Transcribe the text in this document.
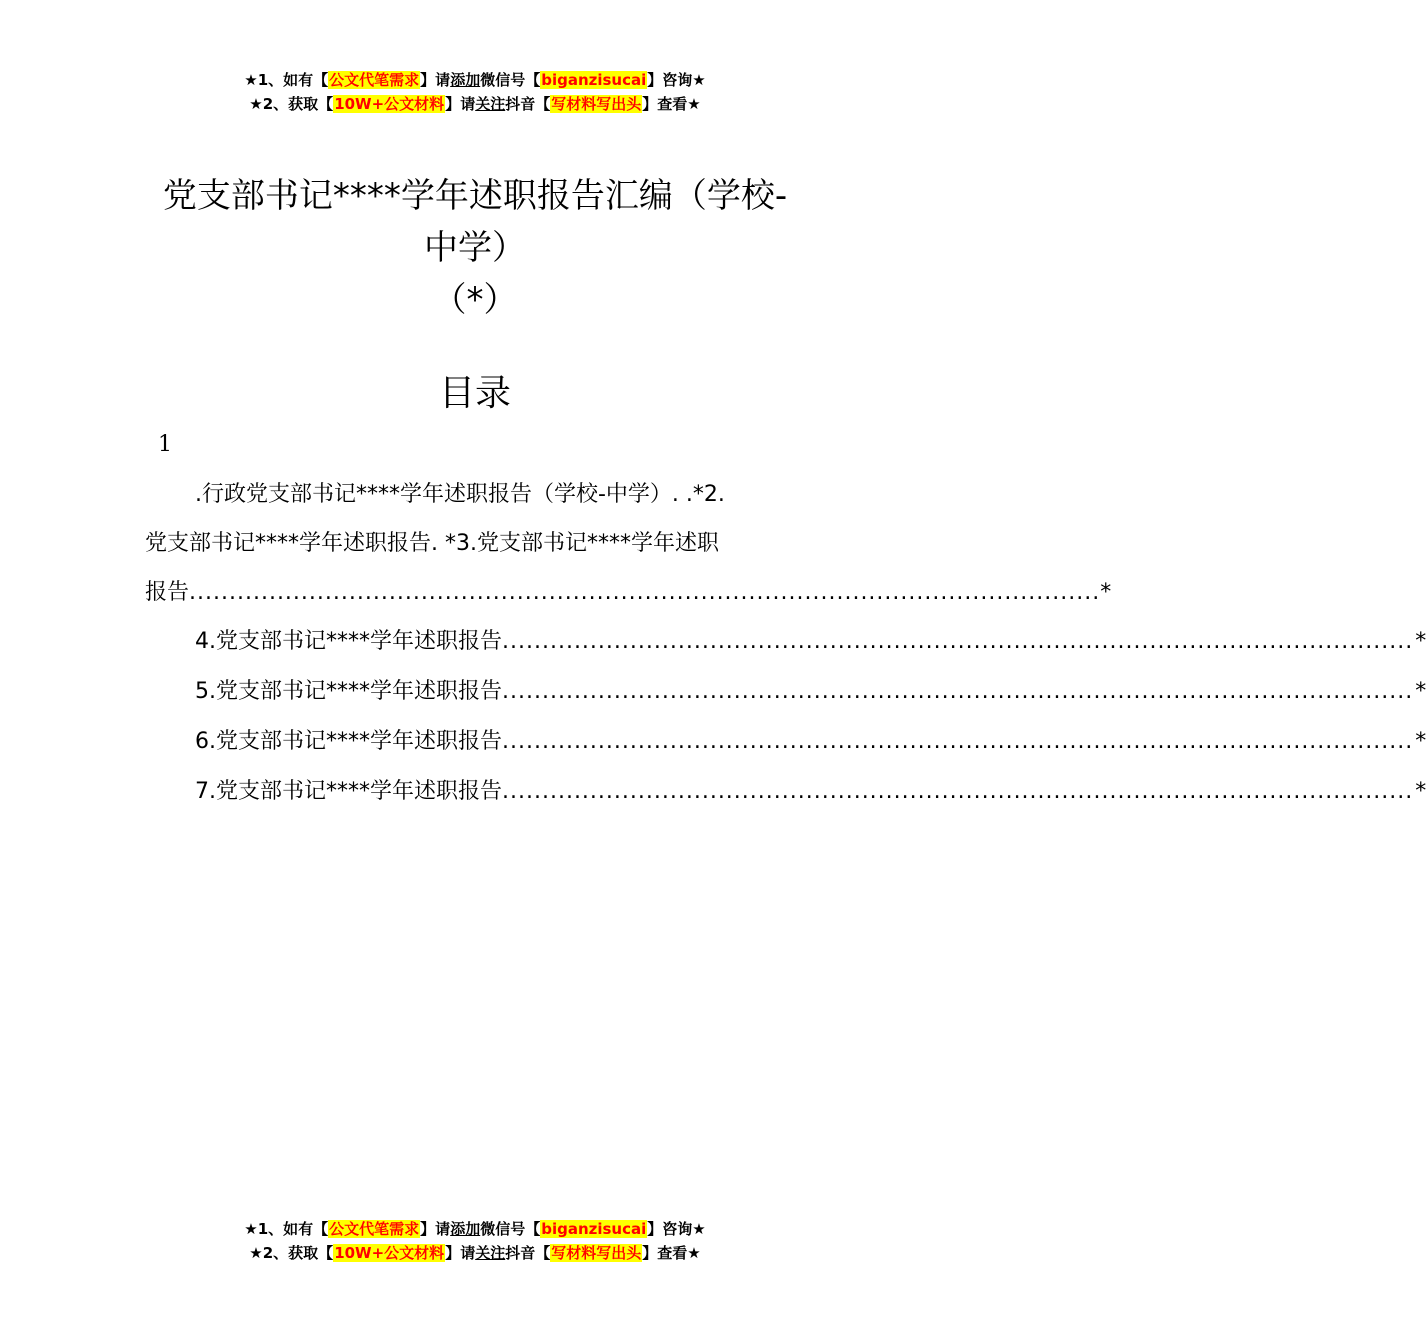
★1、如有【公文代笔需求】请添加微信号【biganzisucai】咨询★
★2、获取【10W+公文材料】请关注抖音【写材料写出头】查看★
党支部书记****学年述职报告汇编（学校-
中学）
（*）
目录
1
.行政党支部书记****学年述职报告（学校-中学）. .*2.
党支部书记****学年述职报告. *3.党支部书记****学年述职
报告 .................................................................................................................. *
4.党支部书记****学年述职报告 .................................................................................................................. *
5.党支部书记****学年述职报告 .................................................................................................................. *
6.党支部书记****学年述职报告 .................................................................................................................. *
7.党支部书记****学年述职报告 .................................................................................................................. *
★1、如有【公文代笔需求】请添加微信号【biganzisucai】咨询★
★2、获取【10W+公文材料】请关注抖音【写材料写出头】查看★
